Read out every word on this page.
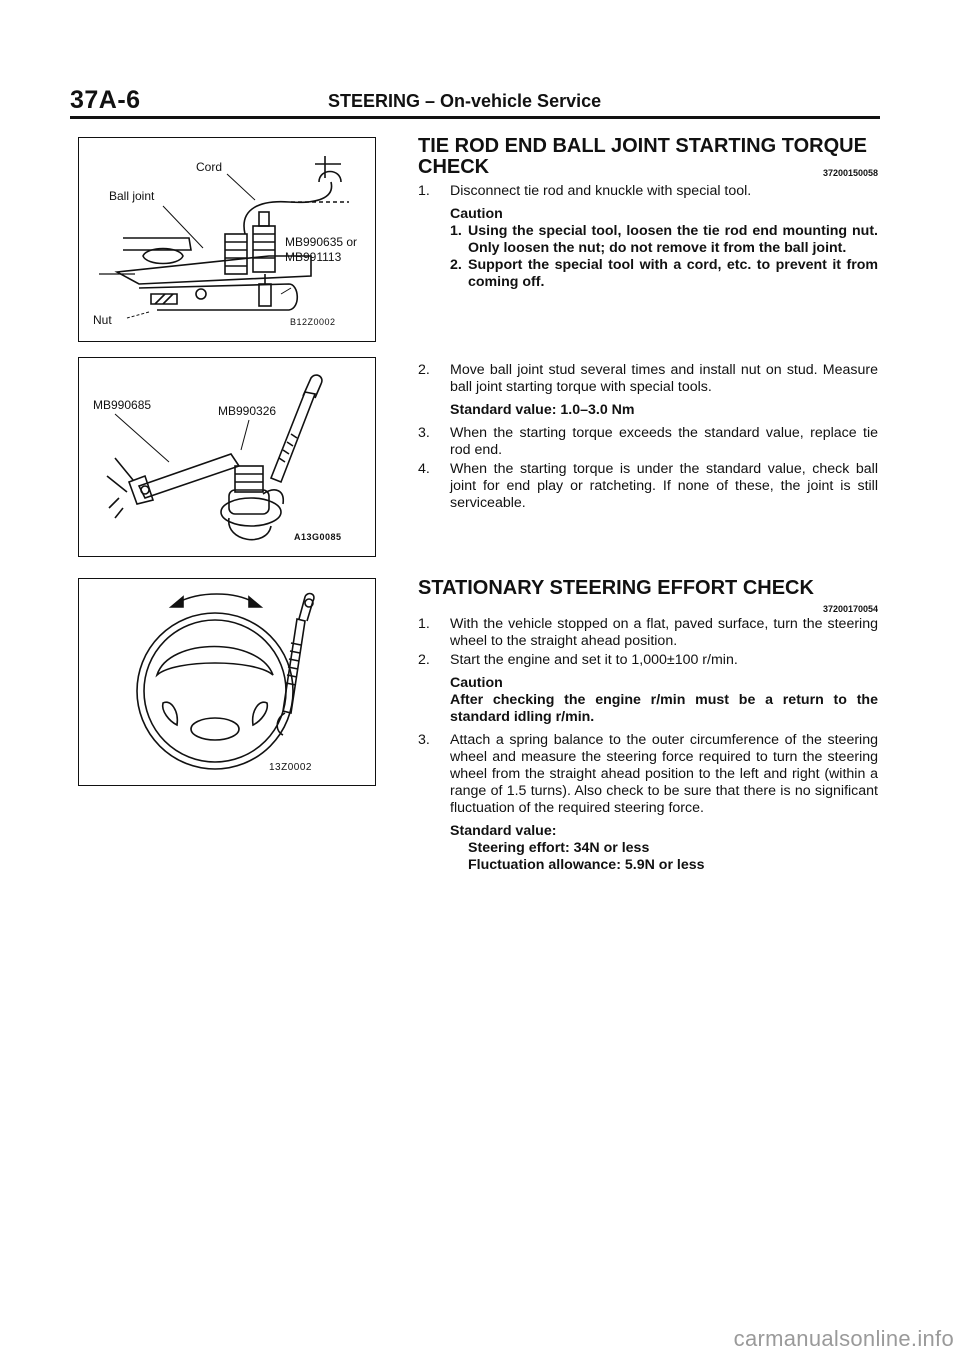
37A-6	STEERING – On-vehicle Service
Cord
Ball joint
MB990635 or
MB991113
Nut	B12Z0002
MB990685	MB990326
A13G0085
13Z0002
TIE ROD END BALL JOINT STARTING TORQUE
CHECK	37200150058
1. Disconnect tie rod and knuckle with special tool.
Caution
1. Using the special tool, loosen the tie rod end mounting nut. Only loosen the nut; do not remove it from the ball joint.
2. Support the special tool with a cord, etc. to prevent it from coming off.
2. Move ball joint stud several times and install nut on stud. Measure ball joint starting torque with special tools.
Standard value: 1.0–3.0 Nm
3. When the starting torque exceeds the standard value, replace tie rod end.
4. When the starting torque is under the standard value, check ball joint for end play or ratcheting. If none of these, the joint is still serviceable.
STATIONARY STEERING EFFORT CHECK
37200170054
1. With the vehicle stopped on a flat, paved surface, turn the steering wheel to the straight ahead position.
2. Start the engine and set it to 1,000±100 r/min.
Caution
After checking the engine r/min must be a return to the standard idling r/min.
3. Attach a spring balance to the outer circumference of the steering wheel and measure the steering force required to turn the steering wheel from the straight ahead position to the left and right (within a range of 1.5 turns). Also check to be sure that there is no significant fluctuation of the required steering force.
Standard value:
Steering effort: 34N or less
Fluctuation allowance: 5.9N or less
carmanualsonline.info
